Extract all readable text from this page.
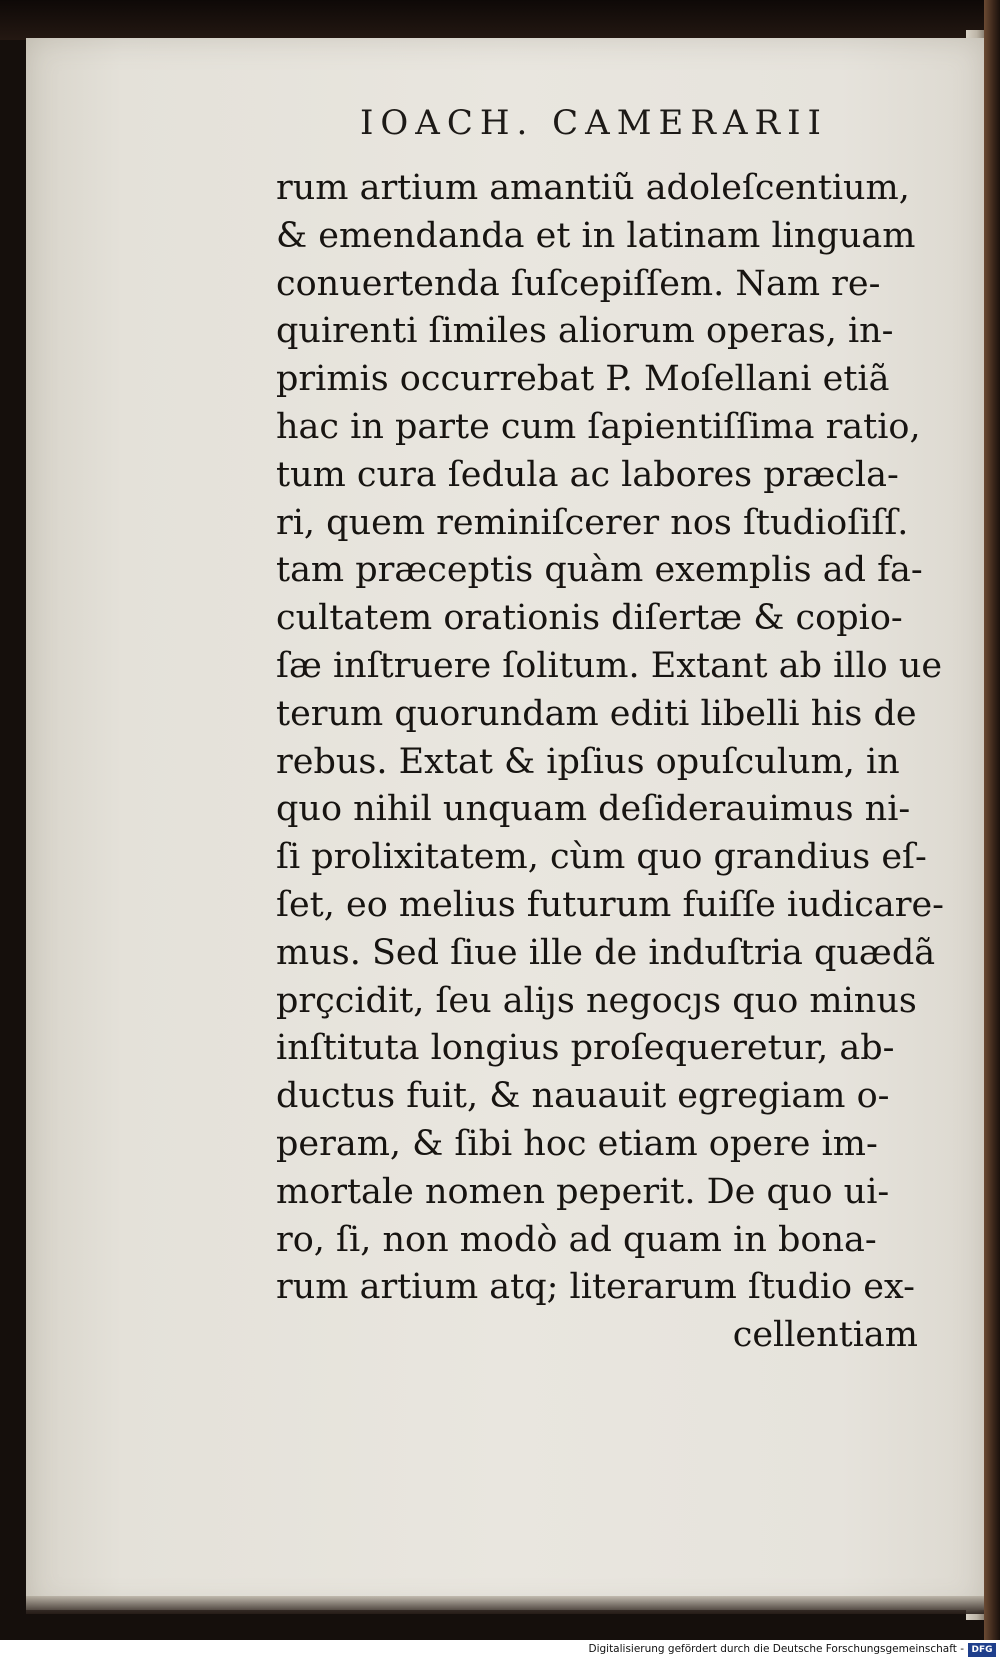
IOACH. CAMERARII
rum artium amantiũ adoleſcentium,
& emendanda et in latinam linguam
conuertenda ſuſcepiſſem. Nam re-
quirenti ſimiles aliorum operas, in-
primis occurrebat P. Moſellani etiã
hac in parte cum ſapientiſſima ratio,
tum cura ſedula ac labores præcla-
ri, quem reminiſcerer nos ſtudioſiſſ.
tam præceptis quàm exemplis ad fa-
cultatem orationis diſertæ & copio-
ſæ inſtruere ſolitum. Extant ab illo ue
terum quorundam editi libelli his de
rebus. Extat & ipſius opuſculum, in
quo nihil unquam deſiderauimus ni-
ſi prolixitatem, cùm quo grandius eſ-
ſet, eo melius futurum fuiſſe iudicare-
mus. Sed ſiue ille de induſtria quædã
prçcidit, ſeu aliȷs negocȷs quo minus
inſtituta longius proſequeretur, ab-
ductus fuit, & nauauit egregiam o-
peram, & ſibi hoc etiam opere im-
mortale nomen peperit. De quo ui-
ro, ſi, non modò ad quam in bona-
rum artium atq; literarum ſtudio ex-
cellentiam
Digitalisierung gefördert durch die Deutsche Forschungsgemeinschaft - DFG
